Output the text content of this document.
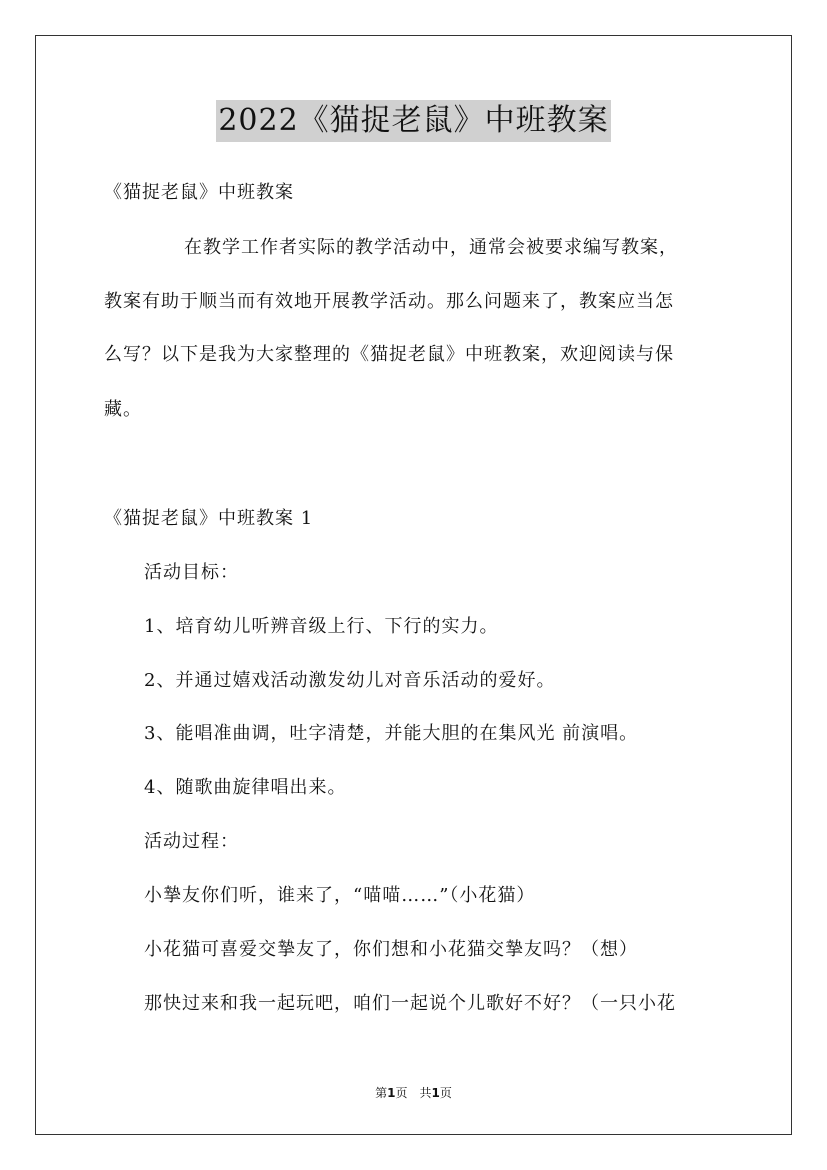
2022《猫捉老鼠》中班教案
《猫捉老鼠》中班教案
在教学工作者实际的教学活动中，通常会被要求编写教案，
教案有助于顺当而有效地开展教学活动。那么问题来了，教案应当怎
么写？以下是我为大家整理的《猫捉老鼠》中班教案，欢迎阅读与保
藏。
《猫捉老鼠》中班教案 1
活动目标：
1、培育幼儿听辨音级上行、下行的实力。
2、并通过嬉戏活动激发幼儿对音乐活动的爱好。
3、能唱准曲调，吐字清楚，并能大胆的在集风光 前演唱。
4、随歌曲旋律唱出来。
活动过程：
小摯友你们听，谁来了，“喵喵……”（小花猫）
小花猫可喜爱交摯友了，你们想和小花猫交摯友吗？（想）
那快过来和我一起玩吧，咱们一起说个儿歌好不好？（一只小花
第1页　共1页
